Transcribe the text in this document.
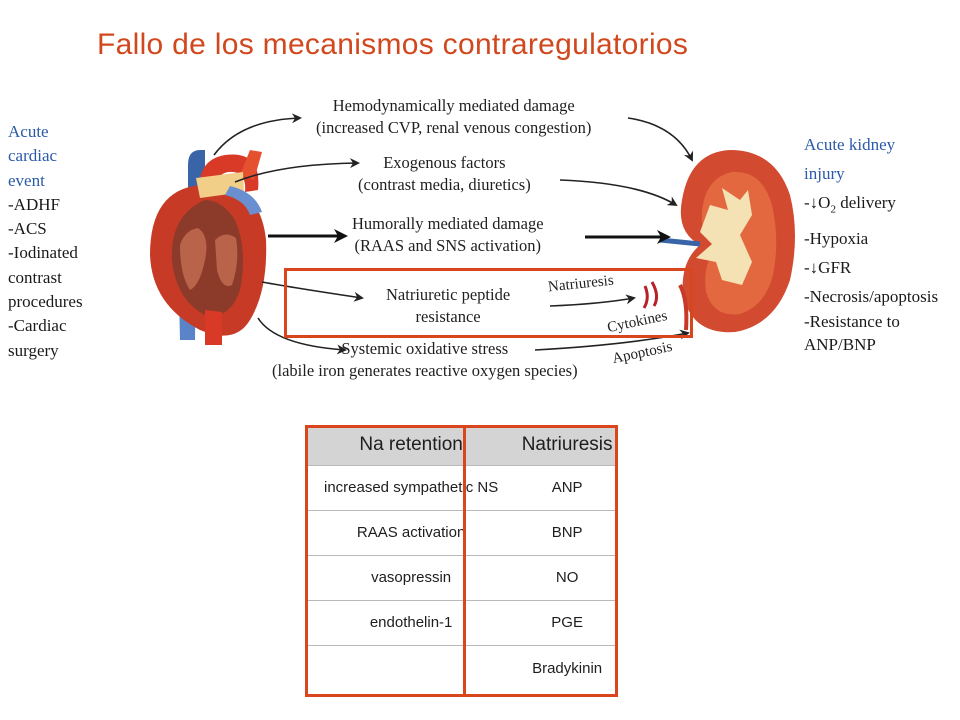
Fallo de los mecanismos contraregulatorios
Acute
cardiac
event
-ADHF
-ACS
-Iodinated
contrast
procedures
-Cardiac
surgery
Acute kidney
injury
$-↓O_2$ delivery
-Hypoxia
-↓GFR
-Necrosis/apoptosis
-Resistance to
ANP/BNP
Hemodynamically mediated damage
(increased CVP, renal venous congestion)
Exogenous factors
(contrast media, diuretics)
Humorally mediated damage
(RAAS and SNS activation)
Natriuretic peptide
resistance
Systemic oxidative stress
(labile iron generates reactive oxygen species)
Natriuresis
Cytokines
Apoptosis
Na retention	Natriuresis
increased sympathetic NS	ANP
RAAS activation	BNP
vasopressin	NO
endothelin-1	PGE
	Bradykinin
